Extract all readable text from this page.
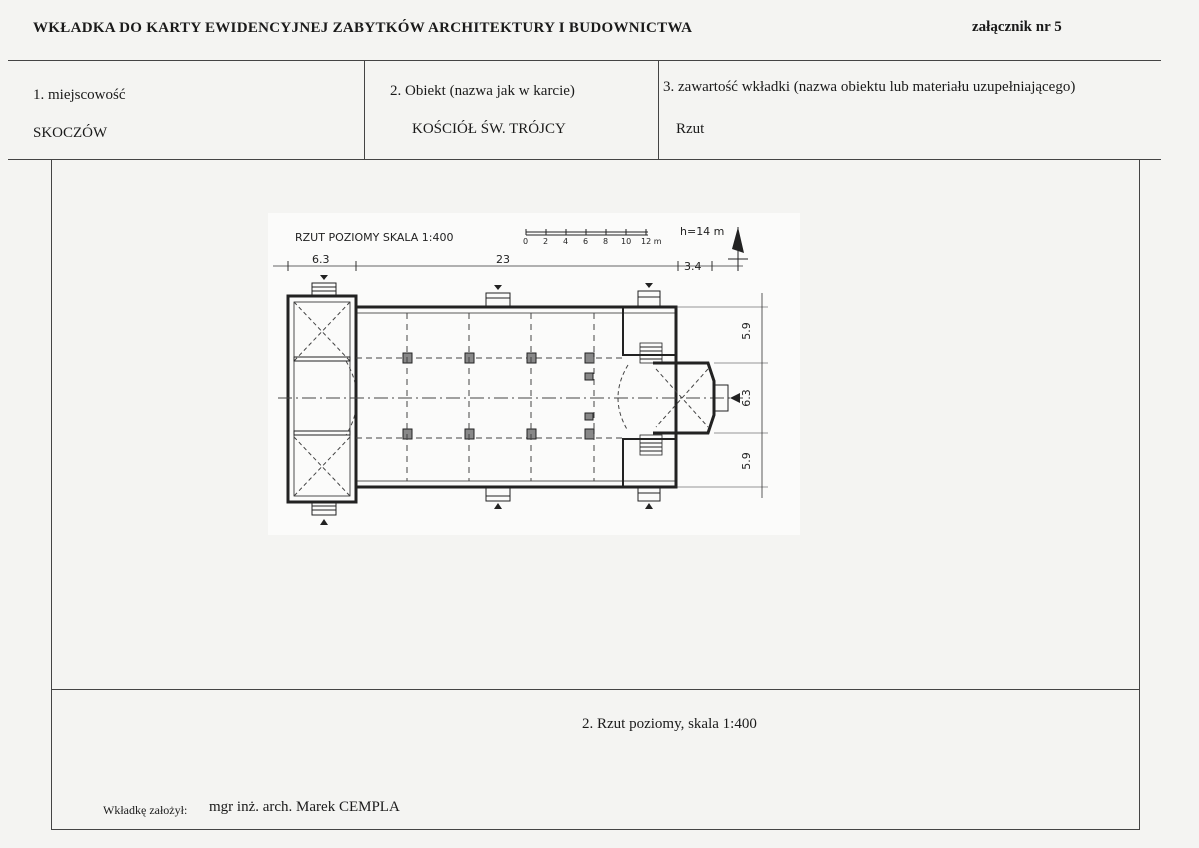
WKŁADKA DO KARTY EWIDENCYJNEJ ZABYTKÓW ARCHITEKTURY I BUDOWNICTWA	załącznik nr 5
1. miejscowość
SKOCZÓW
2. Obiekt (nazwa jak w karcie)
KOŚCIÓŁ ŚW. TRÓJCY
3. zawartość wkładki (nazwa obiektu lub materiału uzupełniającego)
Rzut
RZUT POZIOMY SKALA 1:400	0 2 4 6 8 10 12 m
h=14 m
6.3	23
3.4
5.9
6.3
5.9
2. Rzut poziomy, skala 1:400
Wkładkę założył: mgr inż. arch. Marek CEMPLA
